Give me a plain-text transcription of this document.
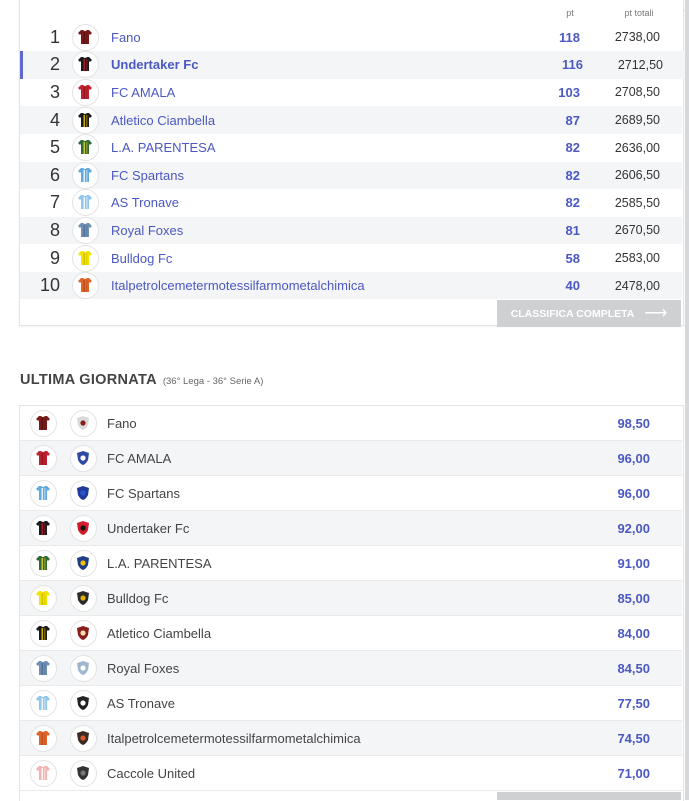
pt	pt totali
1	Fano	118	2738,00
2	Undertaker Fc	116	2712,50
3	FC AMALA	103	2708,50
4	Atletico Ciambella	87	2689,50
5	L.A. PARENTESA	82	2636,00
6	FC Spartans	82	2606,50
7	AS Tronave	82	2585,50
8	Royal Foxes	81	2670,50
9	Bulldog Fc	58	2583,00
10	Italpetrolcemetermotessilfarmometalchimica	40	2478,00
CLASSIFICA COMPLETA ⟶
ULTIMA GIORNATA (36° Lega - 36° Serie A)
Fano	98,50
FC AMALA	96,00
FC Spartans	96,00
Undertaker Fc	92,00
L.A. PARENTESA	91,00
Bulldog Fc	85,00
Atletico Ciambella	84,00
Royal Foxes	84,50
AS Tronave	77,50
Italpetrolcemetermotessilfarmometalchimica	74,50
Caccole United	71,00
